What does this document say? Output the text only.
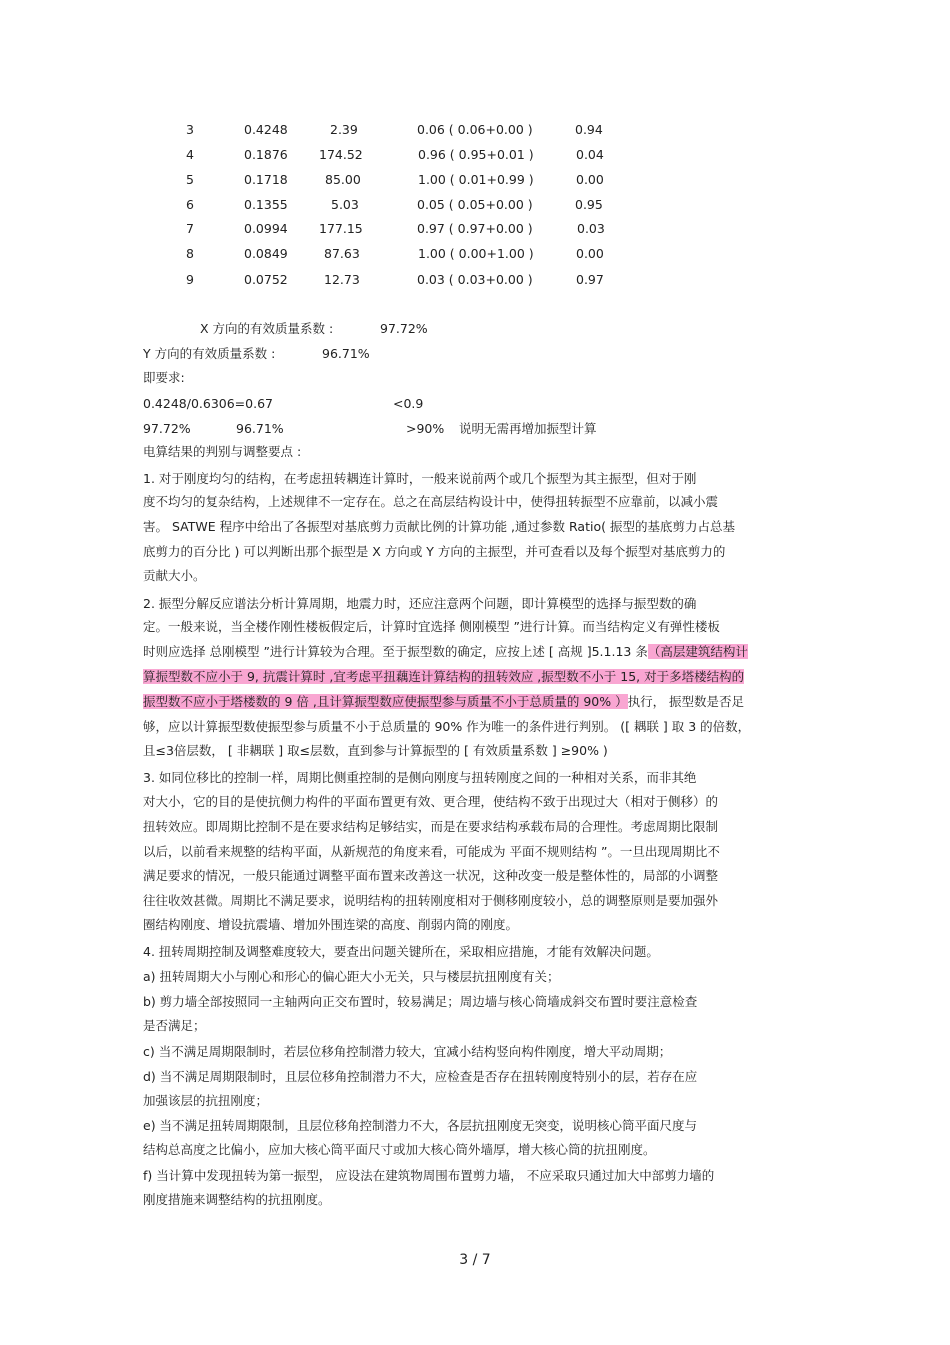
3	0.4248	2.39	0.06 ( 0.06+0.00 )	0.94
4	0.1876	174.52	0.96 ( 0.95+0.01 )	0.04
5	0.1718	85.00	1.00 ( 0.01+0.99 )	0.00
6	0.1355	5.03	0.05 ( 0.05+0.00 )	0.95
7	0.0994	177.15	0.97 ( 0.97+0.00 )	0.03
8	0.0849	87.63	1.00 ( 0.00+1.00 )	0.00
9	0.0752	12.73	0.03 ( 0.03+0.00 )	0.97
X 方向的有效质量系数 :	97.72%
Y 方向的有效质量系数 :	96.71%
即要求:
0.4248/0.6306=0.67	<0.9
97.72%	96.71%	>90% 说明无需再增加振型计算
电算结果的判别与调整要点 :
1. 对于刚度均匀的结构，在考虑扭转耦连计算时，一般来说前两个或几个振型为其主振型，但对于刚
度不均匀的复杂结构，上述规律不一定存在。总之在高层结构设计中，使得扭转振型不应靠前，以减小震
害。 SATWE 程序中给出了各振型对基底剪力贡献比例的计算功能 ,通过参数 Ratio( 振型的基底剪力占总基
底剪力的百分比 ) 可以判断出那个振型是 X 方向或 Y 方向的主振型，并可查看以及每个振型对基底剪力的
贡献大小。
2. 振型分解反应谱法分析计算周期，地震力时，还应注意两个问题，即计算模型的选择与振型数的确
定。一般来说，当全楼作刚性楼板假定后，计算时宜选择 侧刚模型 ”进行计算。而当结构定义有弹性楼板
时则应选择 总刚模型 ”进行计算较为合理。至于振型数的确定，应按上述 [ 高规 ]5.1.13 条（高层建筑结构计
算振型数不应小于 9, 抗震计算时 ,宜考虑平扭藕连计算结构的扭转效应 ,振型数不小于 15, 对于多塔楼结构的
振型数不应小于塔楼数的 9 倍 ,且计算振型数应使振型参与质量不小于总质量的 90% ）执行， 振型数是否足
够，应以计算振型数使振型参与质量不小于总质量的 90% 作为唯一的条件进行判别。 ([ 耦联 ] 取 3 的倍数，
且≤3倍层数， [ 非耦联 ] 取≤层数，直到参与计算振型的 [ 有效质量系数 ] ≥90% )
3. 如同位移比的控制一样，周期比侧重控制的是侧向刚度与扭转刚度之间的一种相对关系，而非其绝
对大小，它的目的是使抗侧力构件的平面布置更有效、更合理，使结构不致于出现过大（相对于侧移）的
扭转效应。即周期比控制不是在要求结构足够结实，而是在要求结构承载布局的合理性。考虑周期比限制
以后，以前看来规整的结构平面，从新规范的角度来看，可能成为 平面不规则结构 ”。一旦出现周期比不
满足要求的情况，一般只能通过调整平面布置来改善这一状况，这种改变一般是整体性的，局部的小调整
往往收效甚微。周期比不满足要求，说明结构的扭转刚度相对于侧移刚度较小，总的调整原则是要加强外
圈结构刚度、增设抗震墙、增加外围连梁的高度、削弱内筒的刚度。
4. 扭转周期控制及调整难度较大，要查出问题关键所在，采取相应措施，才能有效解决问题。
a) 扭转周期大小与刚心和形心的偏心距大小无关，只与楼层抗扭刚度有关；
b) 剪力墙全部按照同一主轴两向正交布置时，较易满足；周边墙与核心筒墙成斜交布置时要注意检查
是否满足；
c) 当不满足周期限制时，若层位移角控制潜力较大，宜减小结构竖向构件刚度，增大平动周期；
d) 当不满足周期限制时，且层位移角控制潜力不大，应检查是否存在扭转刚度特别小的层，若存在应
加强该层的抗扭刚度；
e) 当不满足扭转周期限制，且层位移角控制潜力不大，各层抗扭刚度无突变，说明核心筒平面尺度与
结构总高度之比偏小，应加大核心筒平面尺寸或加大核心筒外墙厚，增大核心筒的抗扭刚度。
f) 当计算中发现扭转为第一振型， 应设法在建筑物周围布置剪力墙， 不应采取只通过加大中部剪力墙的
刚度措施来调整结构的抗扭刚度。
3 / 7
